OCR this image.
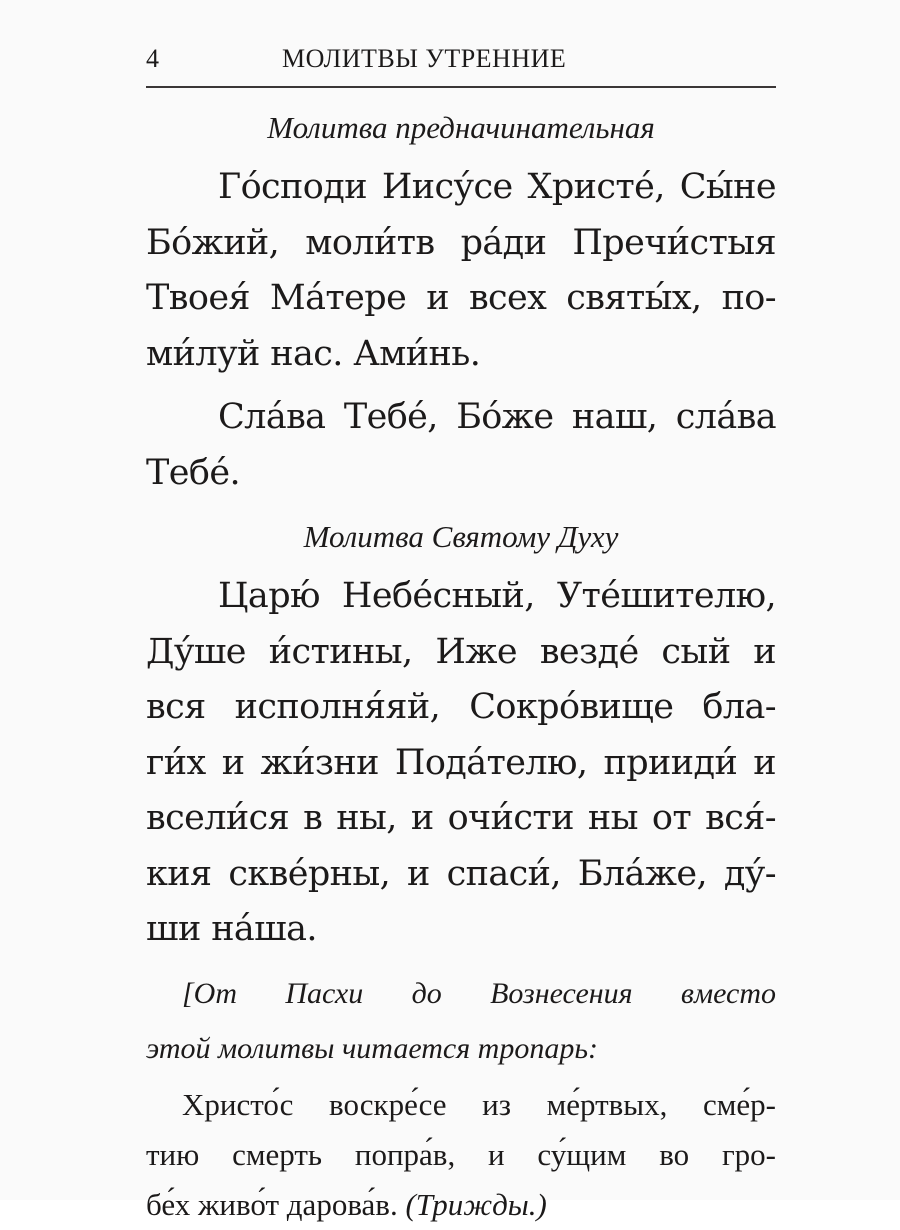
4	МОЛИТВЫ УТРЕННИЕ

Молитва предначинательная

Го́споди Иису́се Христе́, Сы́не
Бо́жий, моли́тв ра́ди Пречи́стыя
Твоея́ Ма́тере и всех святы́х, по-
ми́луй нас. Ами́нь.

Сла́ва Тебе́, Бо́же наш, сла́ва
Тебе́.

Молитва Святому Духу

Царю́ Небе́сный, Уте́шителю,
Ду́ше и́стины, Иже везде́ сый и
вся исполня́яй, Сокро́вище бла-
ги́х и жи́зни Пода́телю, прииди́ и
всели́ся в ны, и очи́сти ны от вся́-
кия скве́рны, и спаси́, Бла́же, ду́-
ши на́ша.

[От Пасхи до Вознесения вместо
этой молитвы читается тропарь:

Христо́с воскре́се из ме́ртвых, сме́р-
тию смерть попра́в, и су́щим во гро-
бе́х живо́т дарова́в. (Трижды.)
